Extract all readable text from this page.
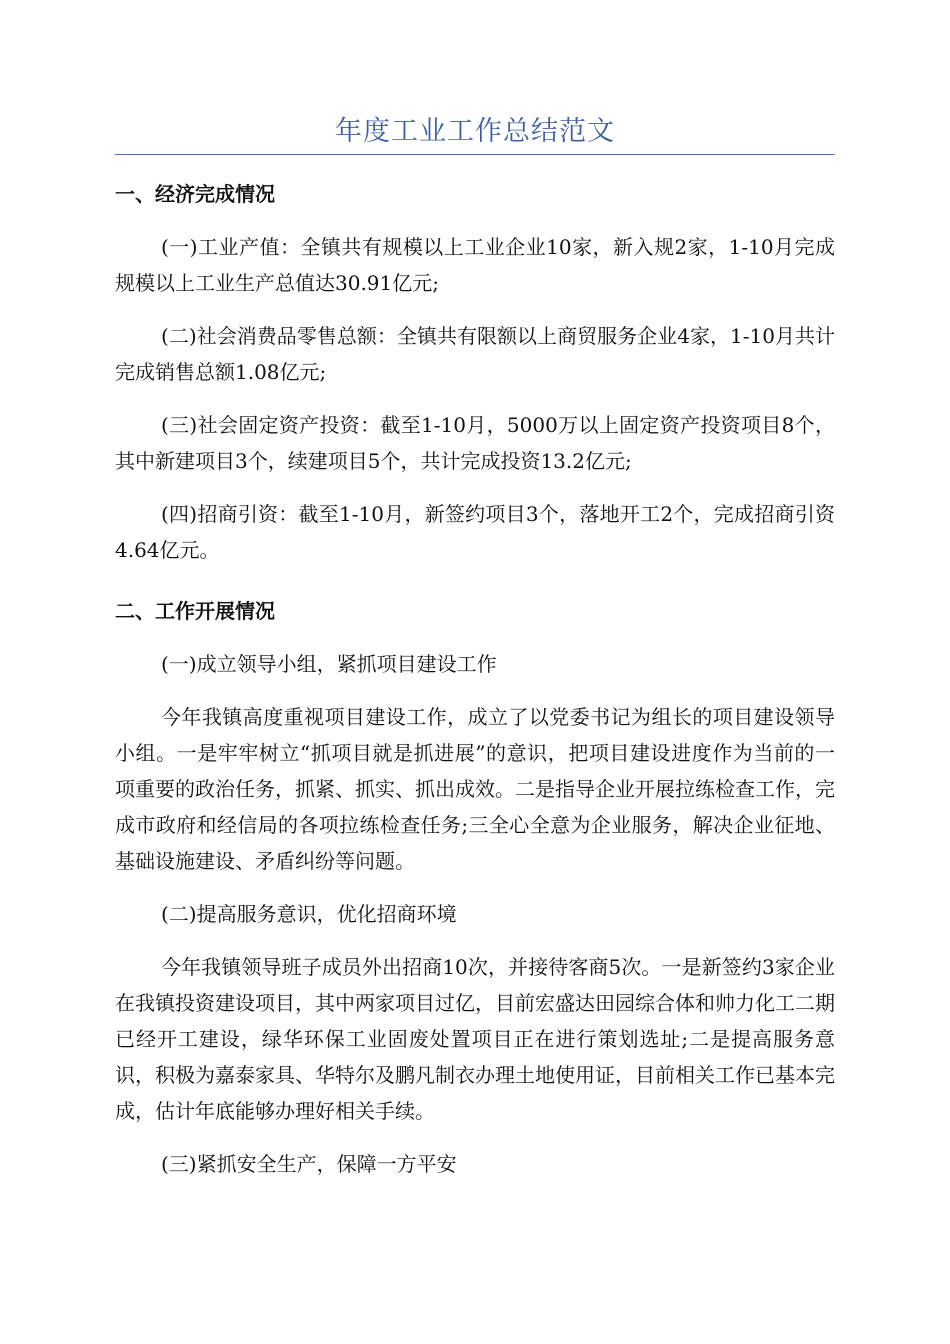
年度工业工作总结范文
一、经济完成情况
(一)工业产值：全镇共有规模以上工业企业10家，新入规2家，1-10月完成规模以上工业生产总值达30.91亿元;
(二)社会消费品零售总额：全镇共有限额以上商贸服务企业4家，1-10月共计完成销售总额1.08亿元;
(三)社会固定资产投资：截至1-10月，5000万以上固定资产投资项目8个，其中新建项目3个，续建项目5个，共计完成投资13.2亿元;
(四)招商引资：截至1-10月，新签约项目3个，落地开工2个，完成招商引资4.64亿元。
二、工作开展情况
(一)成立领导小组，紧抓项目建设工作
今年我镇高度重视项目建设工作，成立了以党委书记为组长的项目建设领导小组。一是牢牢树立“抓项目就是抓进展”的意识，把项目建设进度作为当前的一项重要的政治任务，抓紧、抓实、抓出成效。二是指导企业开展拉练检查工作，完成市政府和经信局的各项拉练检查任务;三全心全意为企业服务，解决企业征地、基础设施建设、矛盾纠纷等问题。
(二)提高服务意识，优化招商环境
今年我镇领导班子成员外出招商10次，并接待客商5次。一是新签约3家企业在我镇投资建设项目，其中两家项目过亿，目前宏盛达田园综合体和帅力化工二期已经开工建设，绿华环保工业固废处置项目正在进行策划选址;二是提高服务意识，积极为嘉泰家具、华特尔及鹏凡制衣办理土地使用证，目前相关工作已基本完成，估计年底能够办理好相关手续。
(三)紧抓安全生产，保障一方平安
